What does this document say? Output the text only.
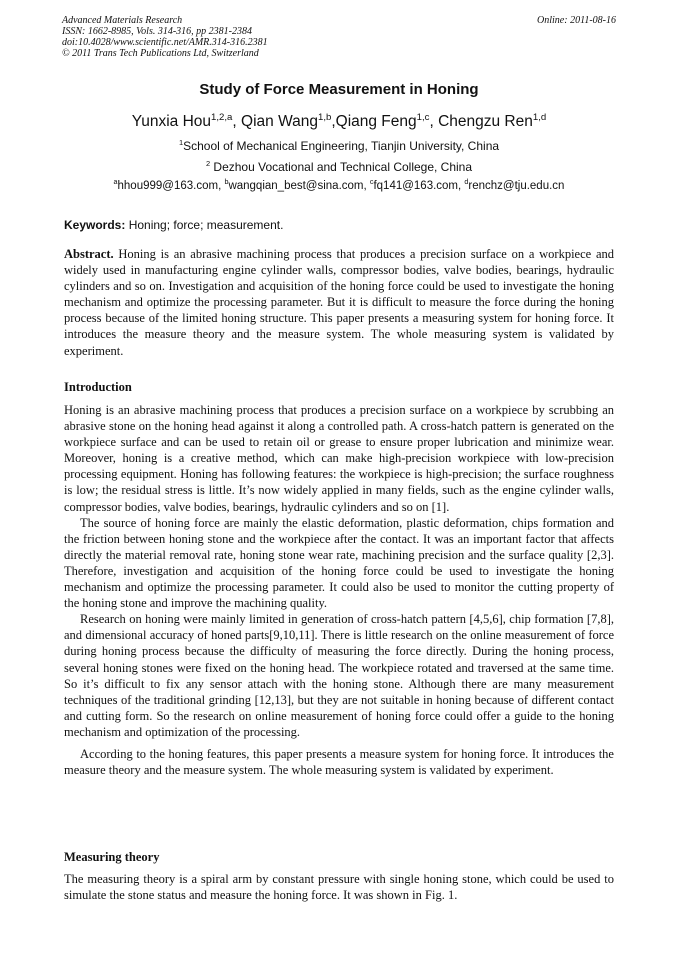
Advanced Materials Research
ISSN: 1662-8985, Vols. 314-316, pp 2381-2384
doi:10.4028/www.scientific.net/AMR.314-316.2381
© 2011 Trans Tech Publications Ltd, Switzerland
Online: 2011-08-16
Study of Force Measurement in Honing
Yunxia Hou$^{1,2,a}$, Qian Wang$^{1,b}$,Qiang Feng$^{1,c}$, Chengzu Ren$^{1,d}$
$^1$School of Mechanical Engineering, Tianjin University, China
$^2$ Dezhou Vocational and Technical College, China
$^a$hhou999@163.com, $^b$wangqian_best@sina.com, $^c$fq141@163.com, $^d$renchz@tju.edu.cn
Keywords: Honing; force; measurement.

Abstract. Honing is an abrasive machining process that produces a precision surface on a workpiece and widely used in manufacturing engine cylinder walls, compressor bodies, valve bodies, bearings, hydraulic cylinders and so on. Investigation and acquisition of the honing force could be used to investigate the honing mechanism and optimize the processing parameter. But it is difficult to measure the force during the honing process because of the limited honing structure. This paper presents a measuring system for honing force. It introduces the measure theory and the measure system. The whole measuring system is validated by experiment.

Introduction

Honing is an abrasive machining process that produces a precision surface on a workpiece by scrubbing an abrasive stone on the honing head against it along a controlled path. A cross-hatch pattern is generated on the workpiece surface and can be used to retain oil or grease to ensure proper lubrication and minimize wear. Moreover, honing is a creative method, which can make high-precision workpiece with low-precision processing equipment. Honing has following features: the workpiece is high-precision; the surface roughness is low; the residual stress is little. It’s now widely applied in many fields, such as the engine cylinder walls, compressor bodies, valve bodies, bearings, hydraulic cylinders and so on [1].

The source of honing force are mainly the elastic deformation, plastic deformation, chips formation and the friction between honing stone and the workpiece after the contact. It was an important factor that affects directly the material removal rate, honing stone wear rate, machining precision and the surface quality [2,3]. Therefore, investigation and acquisition of the honing force could be used to investigate the honing mechanism and optimize the processing parameter. It could also be used to monitor the cutting property of the honing stone and improve the machining quality.

Research on honing were mainly limited in generation of cross-hatch pattern [4,5,6], chip formation [7,8], and dimensional accuracy of honed parts[9,10,11]. There is little research on the online measurement of force during honing process because the difficulty of measuring the force directly. During the honing process, several honing stones were fixed on the honing head. The workpiece rotated and traversed at the same time. So it’s difficult to fix any sensor attach with the honing stone. Although there are many measurement techniques of the traditional grinding [12,13], but they are not suitable in honing because of different contact and cutting form. So the research on online measurement of honing force could offer a guide to the honing mechanism and optimization of the processing.

According to the honing features, this paper presents a measure system for honing force. It introduces the measure theory and the measure system. The whole measuring system is validated by experiment.

Measuring theory

The measuring theory is a spiral arm by constant pressure with single honing stone, which could be used to simulate the stone status and measure the honing force. It was shown in Fig. 1.
